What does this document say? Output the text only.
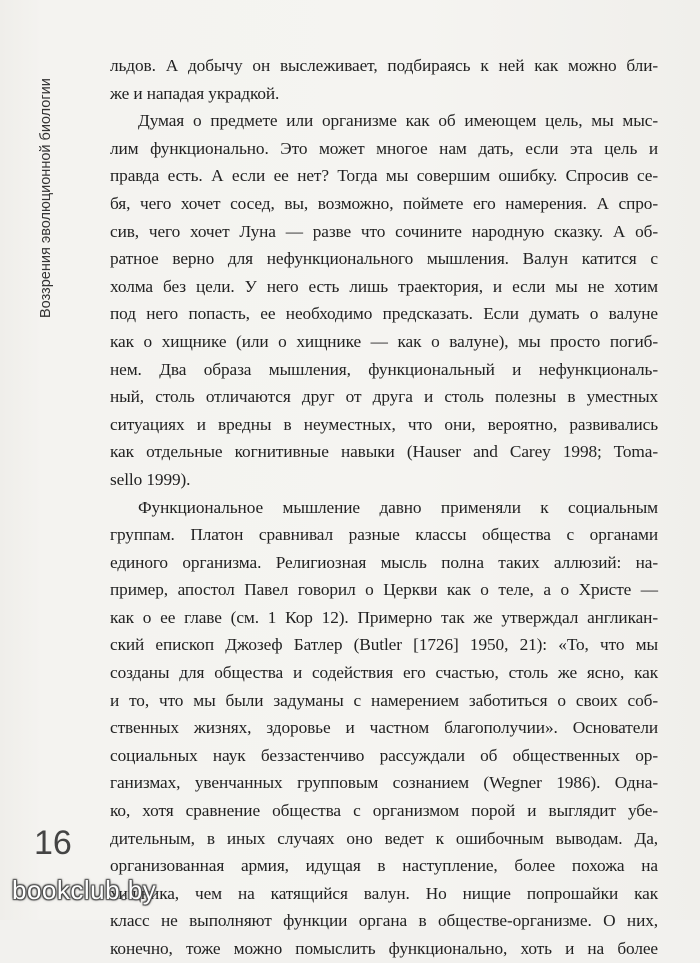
Воззрения эволюционной биологии
льдов. А добычу он выслеживает, подбираясь к ней как можно бли-
же и нападая украдкой.
Думая о предмете или организме как об имеющем цель, мы мыс-
лим функционально. Это может многое нам дать, если эта цель и
правда есть. А если ее нет? Тогда мы совершим ошибку. Спросив се-
бя, чего хочет сосед, вы, возможно, поймете его намерения. А спро-
сив, чего хочет Луна — разве что сочините народную сказку. А об-
ратное верно для нефункционального мышления. Валун катится с
холма без цели. У него есть лишь траектория, и если мы не хотим
под него попасть, ее необходимо предсказать. Если думать о валуне
как о хищнике (или о хищнике — как о валуне), мы просто погиб-
нем. Два образа мышления, функциональный и нефункциональ-
ный, столь отличаются друг от друга и столь полезны в уместных
ситуациях и вредны в неуместных, что они, вероятно, развивались
как отдельные когнитивные навыки (Hauser and Carey 1998; Toma-
sello 1999).
Функциональное мышление давно применяли к социальным
группам. Платон сравнивал разные классы общества с органами
единого организма. Религиозная мысль полна таких аллюзий: на-
пример, апостол Павел говорил о Церкви как о теле, а о Христе —
как о ее главе (см. 1 Кор 12). Примерно так же утверждал англикан-
ский епископ Джозеф Батлер (Butler [1726] 1950, 21): «То, что мы
созданы для общества и содействия его счастью, столь же ясно, как
и то, что мы были задуманы с намерением заботиться о своих соб-
ственных жизнях, здоровье и частном благополучии». Основатели
социальных наук беззастенчиво рассуждали об общественных ор-
ганизмах, увенчанных групповым сознанием (Wegner 1986). Одна-
ко, хотя сравнение общества с организмом порой и выглядит убе-
дительным, в иных случаях оно ведет к ошибочным выводам. Да,
организованная армия, идущая в наступление, более похожа на
хищника, чем на катящийся валун. Но нищие попрошайки как
класс не выполняют функции органа в обществе-организме. О них,
конечно, тоже можно помыслить функционально, хоть и на более
16
bookclub.by
